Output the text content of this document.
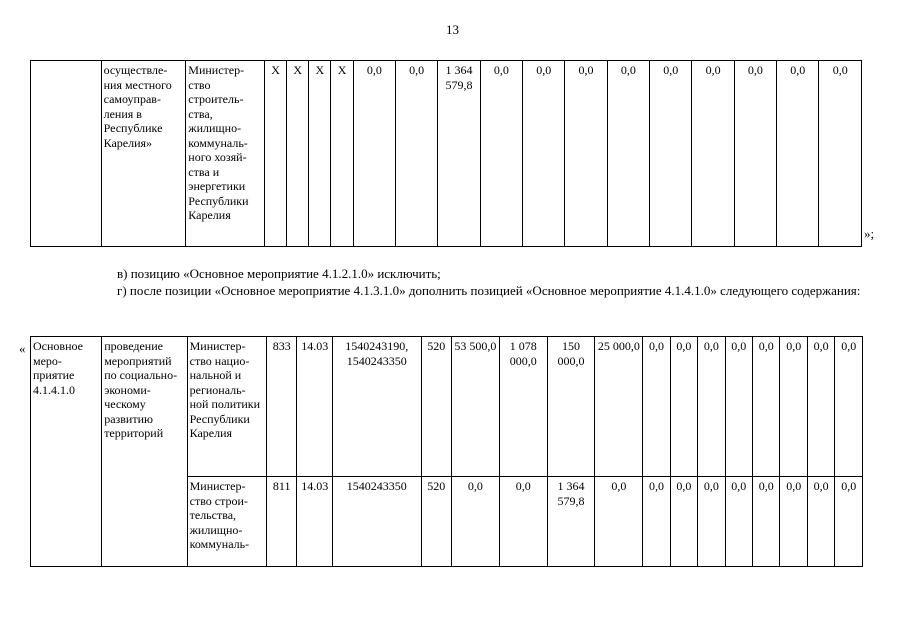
13
	осуществле-ния местного самоуправ-ления в Республике Карелия»	Министер-ство строитель-ства, жилищно-коммуналь-ного хозяй-ства и энергетики Республики Карелия	Х	Х	Х	Х	0,0	0,0	1 364 579,8	0,0	0,0	0,0	0,0	0,0	0,0	0,0	0,0	0,0
»;
в) позицию «Основное мероприятие 4.1.2.1.0» исключить;
г) после позиции «Основное мероприятие 4.1.3.1.0» дополнить позицией «Основное мероприятие 4.1.4.1.0» следующего содержания:
« Основное меро-приятие 4.1.4.1.0	проведение мероприятий по социально-экономи-ческому развитию территорий	Министер-ство нацио-нальной и региональ-ной политики Республики Карелия	833	14.03	1540243190, 1540243350	520	53 500,0	1 078 000,0	150 000,0	25 000,0	0,0	0,0	0,0	0,0	0,0	0,0	0,0	0,0
		Министер-ство строи-тельства, жилищно-коммуналь-	811	14.03	1540243350	520	0,0	0,0	1 364 579,8	0,0	0,0	0,0	0,0	0,0	0,0	0,0	0,0	0,0
